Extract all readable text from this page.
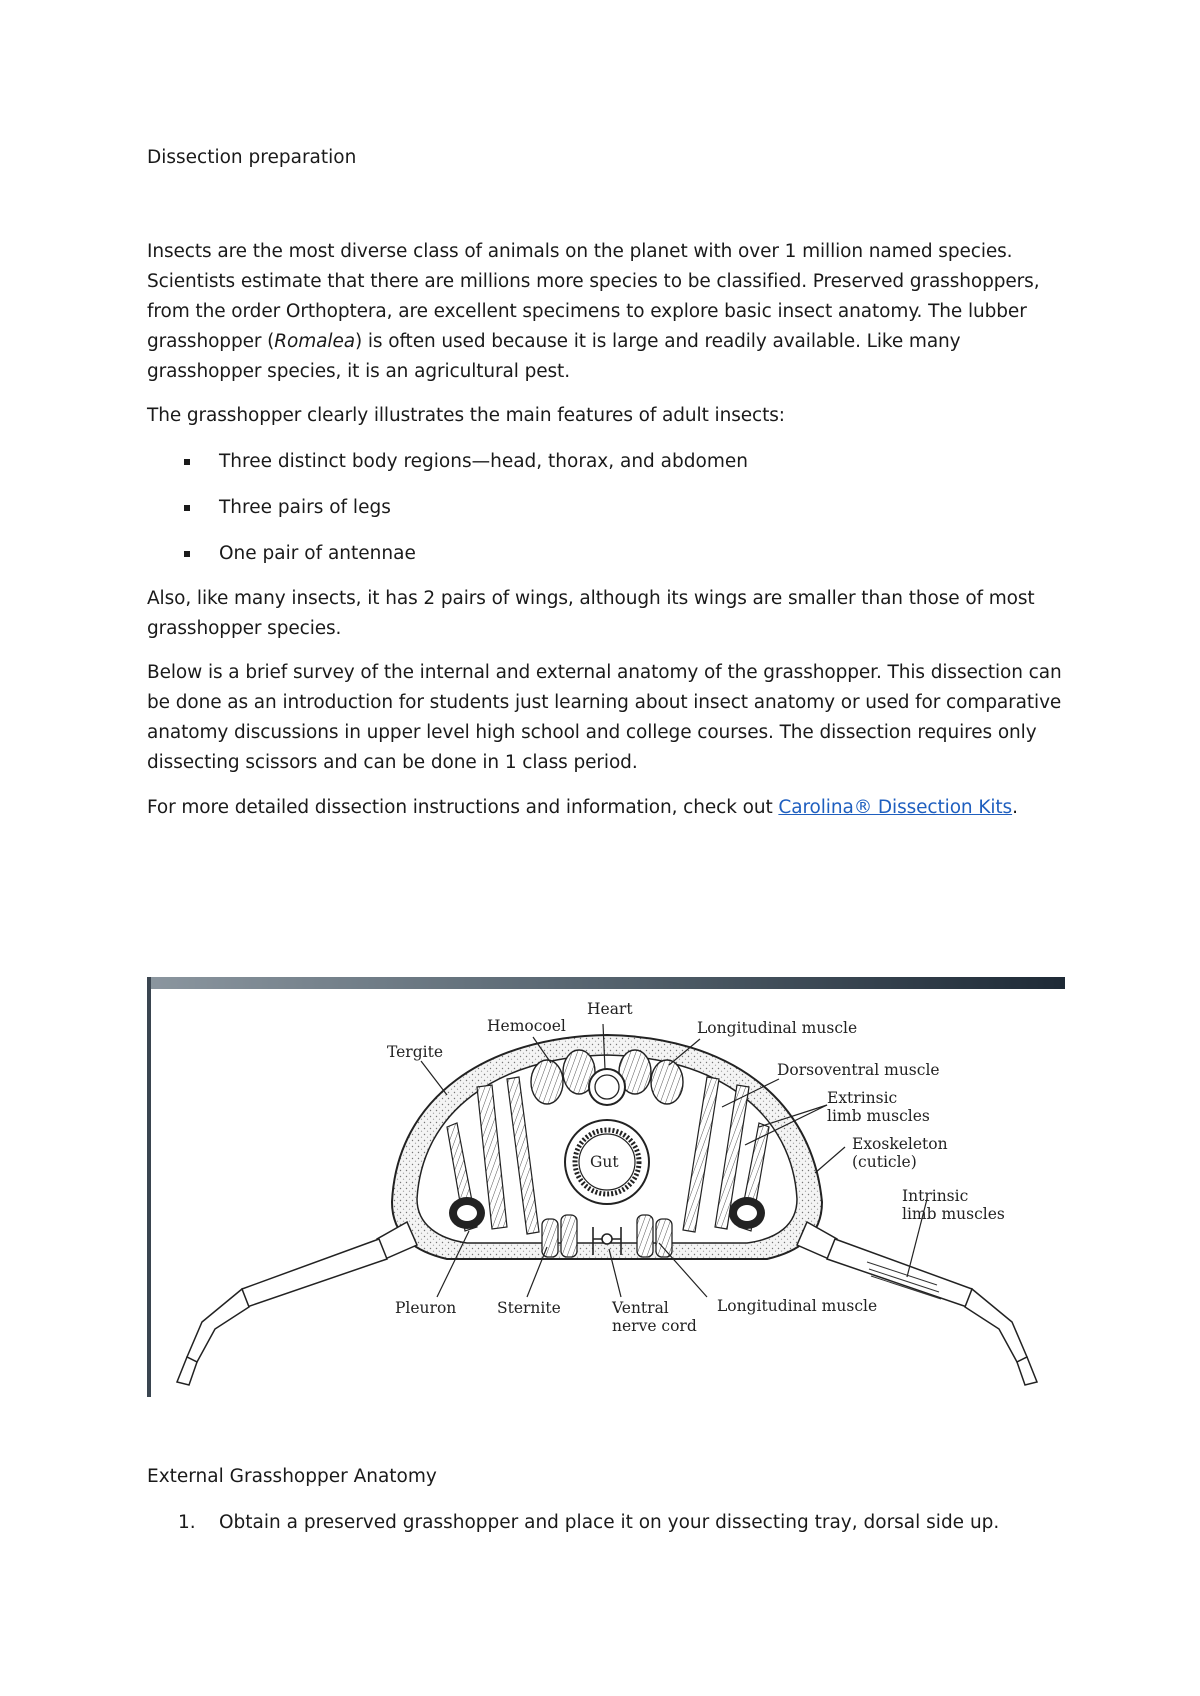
Dissection preparation

Insects are the most diverse class of animals on the planet with over 1 million named species. Scientists estimate that there are millions more species to be classified. Preserved grasshoppers, from the order Orthoptera, are excellent specimens to explore basic insect anatomy. The lubber grasshopper (Romalea) is often used because it is large and readily available. Like many grasshopper species, it is an agricultural pest.

The grasshopper clearly illustrates the main features of adult insects:

Three distinct body regions—head, thorax, and abdomen
Three pairs of legs
One pair of antennae

Also, like many insects, it has 2 pairs of wings, although its wings are smaller than those of most grasshopper species.

Below is a brief survey of the internal and external anatomy of the grasshopper. This dissection can be done as an introduction for students just learning about insect anatomy or used for comparative anatomy discussions in upper level high school and college courses. The dissection requires only dissecting scissors and can be done in 1 class period.

For more detailed dissection instructions and information, check out Carolina® Dissection Kits.

Heart
Hemocoel	Longitudinal muscle
Tergite
Dorsoventral muscle
Extrinsic
limb muscles
Exoskeleton
(cuticle)
Intrinsic
limb muscles
Gut
Pleuron	Sternite	Ventral
nerve cord
Longitudinal muscle

External Grasshopper Anatomy

1. Obtain a preserved grasshopper and place it on your dissecting tray, dorsal side up.
